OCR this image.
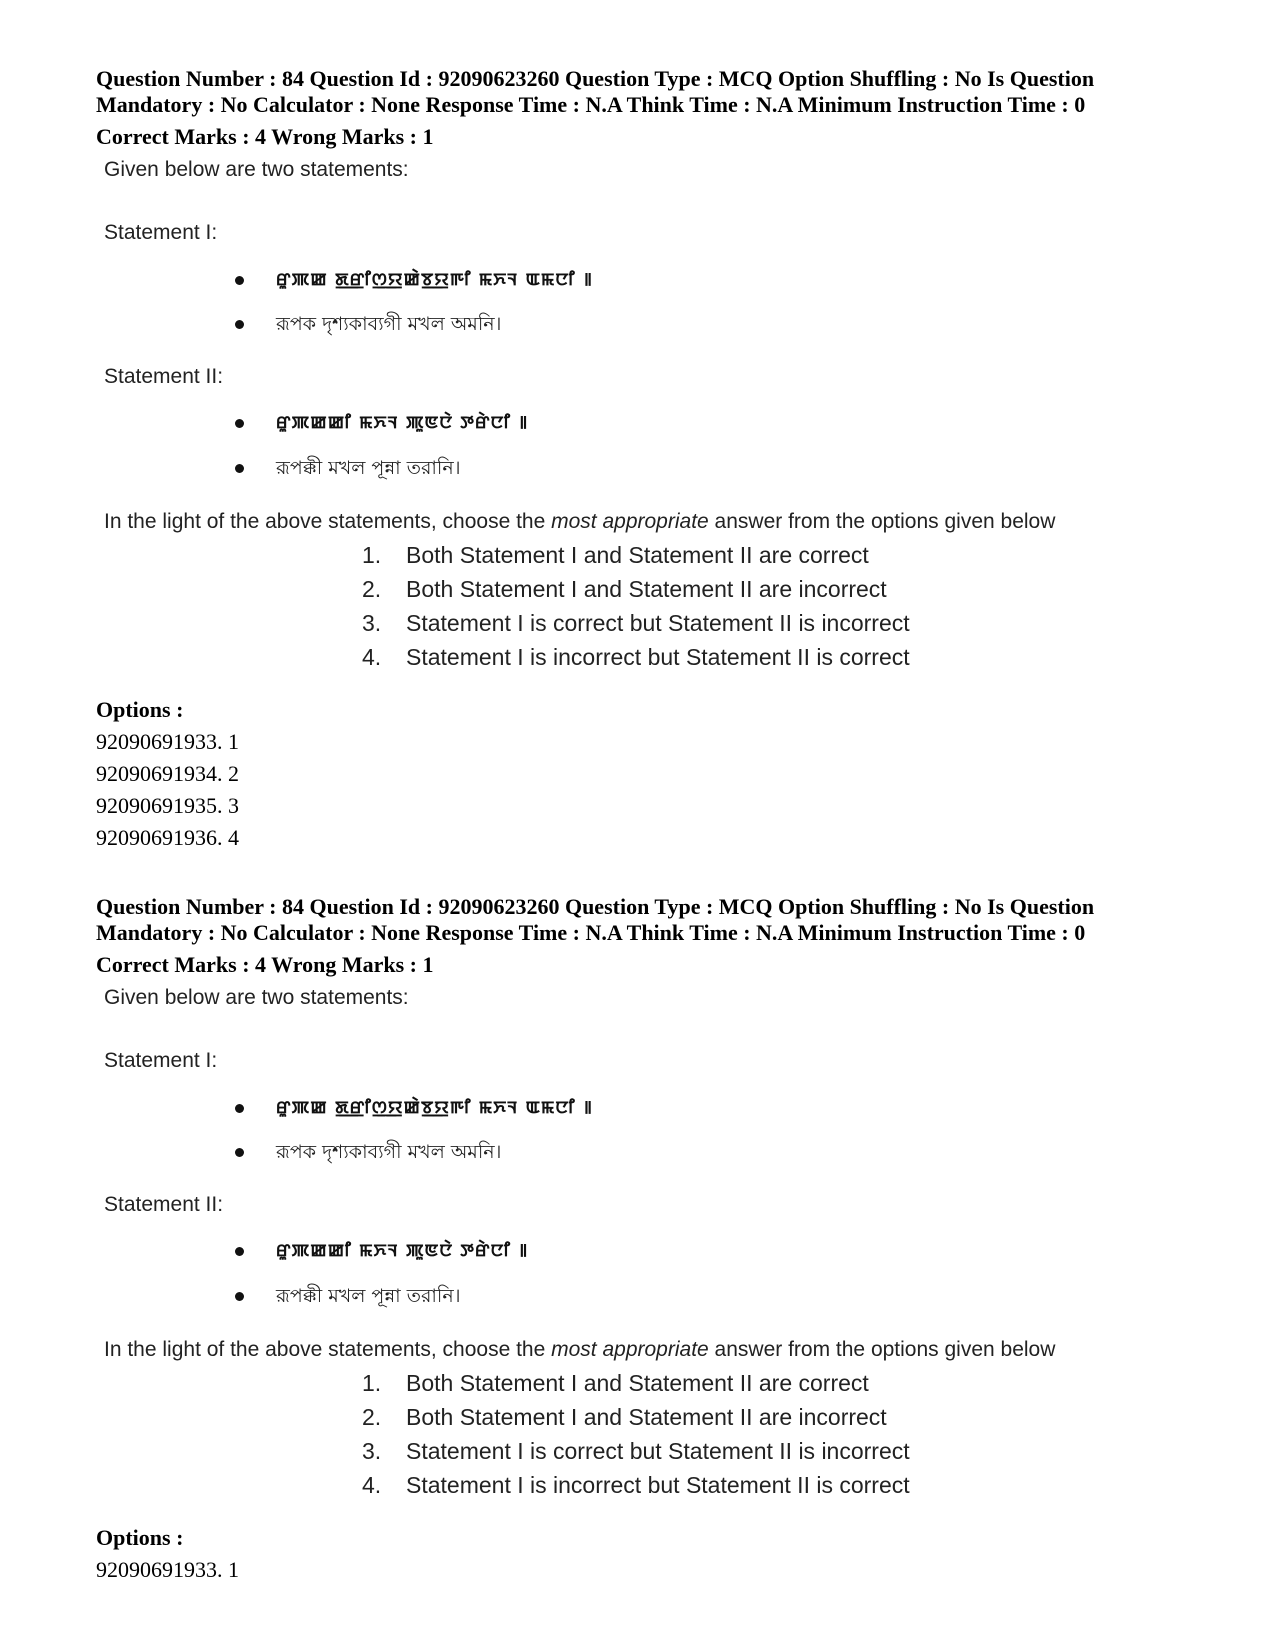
Question Number : 84 Question Id : 92090623260 Question Type : MCQ Option Shuffling : No Is Question
Mandatory : No Calculator : None Response Time : N.A Think Time : N.A Minimum Instruction Time : 0
Correct Marks : 4 Wrong Marks : 1
Given below are two statements:
Statement I:
ꯔꯨꯄꯀ ꯗ꯭ꯔꯤꯁ꯭ꯌꯀꯥꯕ꯭ꯌꯒꯤ ꯃꯈꯜ ꯑꯃꯅꯤ ꯫
রূপক দৃশ্যকাব্যগী মখল অমনি।
Statement II:
ꯔꯨꯄꯀꯀꯤ ꯃꯈꯜ ꯄꯨꯟꯅꯥ ꯇꯔꯥꯅꯤ ꯫
রূপক্কী মখল পূন্না তরানি।
In the light of the above statements, choose the most appropriate answer from the options given below
1. Both Statement I and Statement II are correct
2. Both Statement I and Statement II are incorrect
3. Statement I is correct but Statement II is incorrect
4. Statement I is incorrect but Statement II is correct
Options :
92090691933. 1
92090691934. 2
92090691935. 3
92090691936. 4
Question Number : 84 Question Id : 92090623260 Question Type : MCQ Option Shuffling : No Is Question
Mandatory : No Calculator : None Response Time : N.A Think Time : N.A Minimum Instruction Time : 0
Correct Marks : 4 Wrong Marks : 1
Given below are two statements:
Statement I:
ꯔꯨꯄꯀ ꯗ꯭ꯔꯤꯁ꯭ꯌꯀꯥꯕ꯭ꯌꯒꯤ ꯃꯈꯜ ꯑꯃꯅꯤ ꯫
রূপক দৃশ্যকাব্যগী মখল অমনি।
Statement II:
ꯔꯨꯄꯀꯀꯤ ꯃꯈꯜ ꯄꯨꯟꯅꯥ ꯇꯔꯥꯅꯤ ꯫
রূপক্কী মখল পূন্না তরানি।
In the light of the above statements, choose the most appropriate answer from the options given below
1. Both Statement I and Statement II are correct
2. Both Statement I and Statement II are incorrect
3. Statement I is correct but Statement II is incorrect
4. Statement I is incorrect but Statement II is correct
Options :
92090691933. 1
